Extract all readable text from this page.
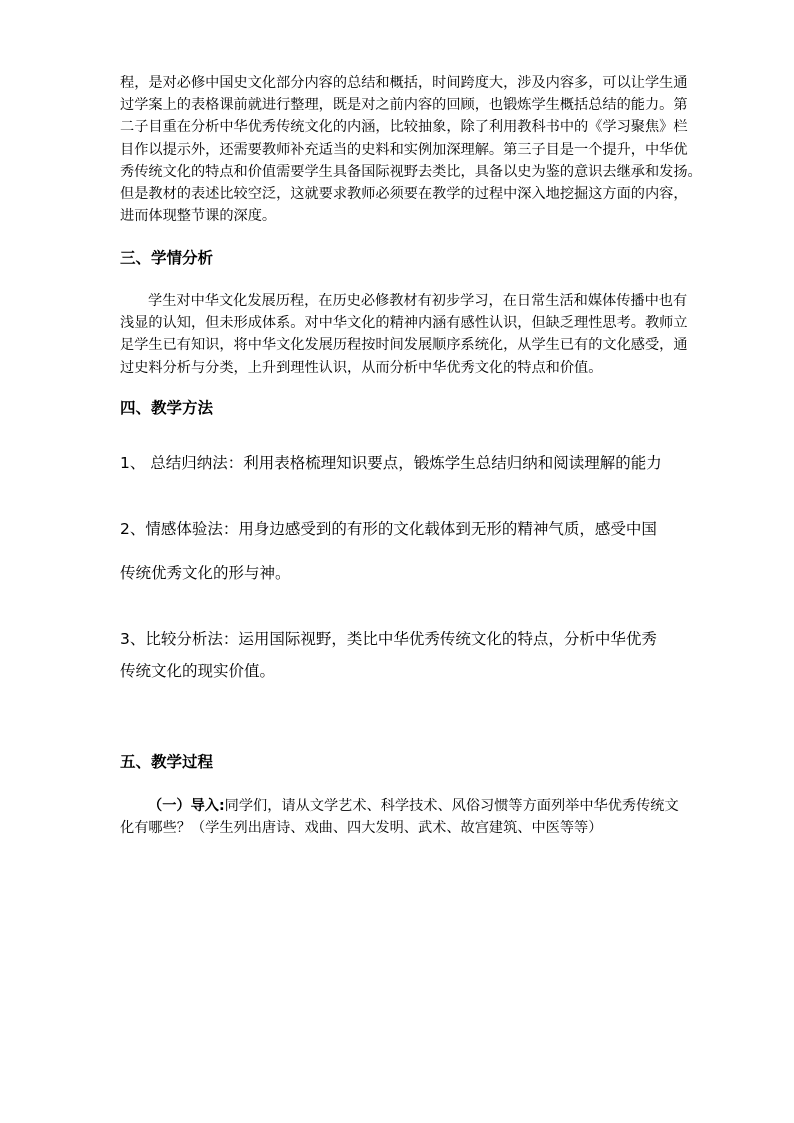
程，是对必修中国史文化部分内容的总结和概括，时间跨度大，涉及内容多，可以让学生通
过学案上的表格课前就进行整理，既是对之前内容的回顾，也锻炼学生概括总结的能力。第
二子目重在分析中华优秀传统文化的内涵，比较抽象，除了利用教科书中的《学习聚焦》栏
目作以提示外，还需要教师补充适当的史料和实例加深理解。第三子目是一个提升，中华优
秀传统文化的特点和价值需要学生具备国际视野去类比，具备以史为鉴的意识去继承和发扬。
但是教材的表述比较空泛，这就要求教师必须要在教学的过程中深入地挖掘这方面的内容，
进而体现整节课的深度。
三、学情分析
学生对中华文化发展历程，在历史必修教材有初步学习，在日常生活和媒体传播中也有
浅显的认知，但未形成体系。对中华文化的精神内涵有感性认识，但缺乏理性思考。教师立
足学生已有知识，将中华文化发展历程按时间发展顺序系统化，从学生已有的文化感受，通
过史料分析与分类，上升到理性认识，从而分析中华优秀文化的特点和价值。
四、教学方法

1、 总结归纳法：利用表格梳理知识要点，锻炼学生总结归纳和阅读理解的能力

2、情感体验法：用身边感受到的有形的文化载体到无形的精神气质，感受中国

传统优秀文化的形与神。

3、比较分析法：运用国际视野，类比中华优秀传统文化的特点，分析中华优秀

传统文化的现实价值。

五、教学过程
（一）导入:同学们，请从文学艺术、科学技术、风俗习惯等方面列举中华优秀传统文
化有哪些？（学生列出唐诗、戏曲、四大发明、武术、故宫建筑、中医等等）
